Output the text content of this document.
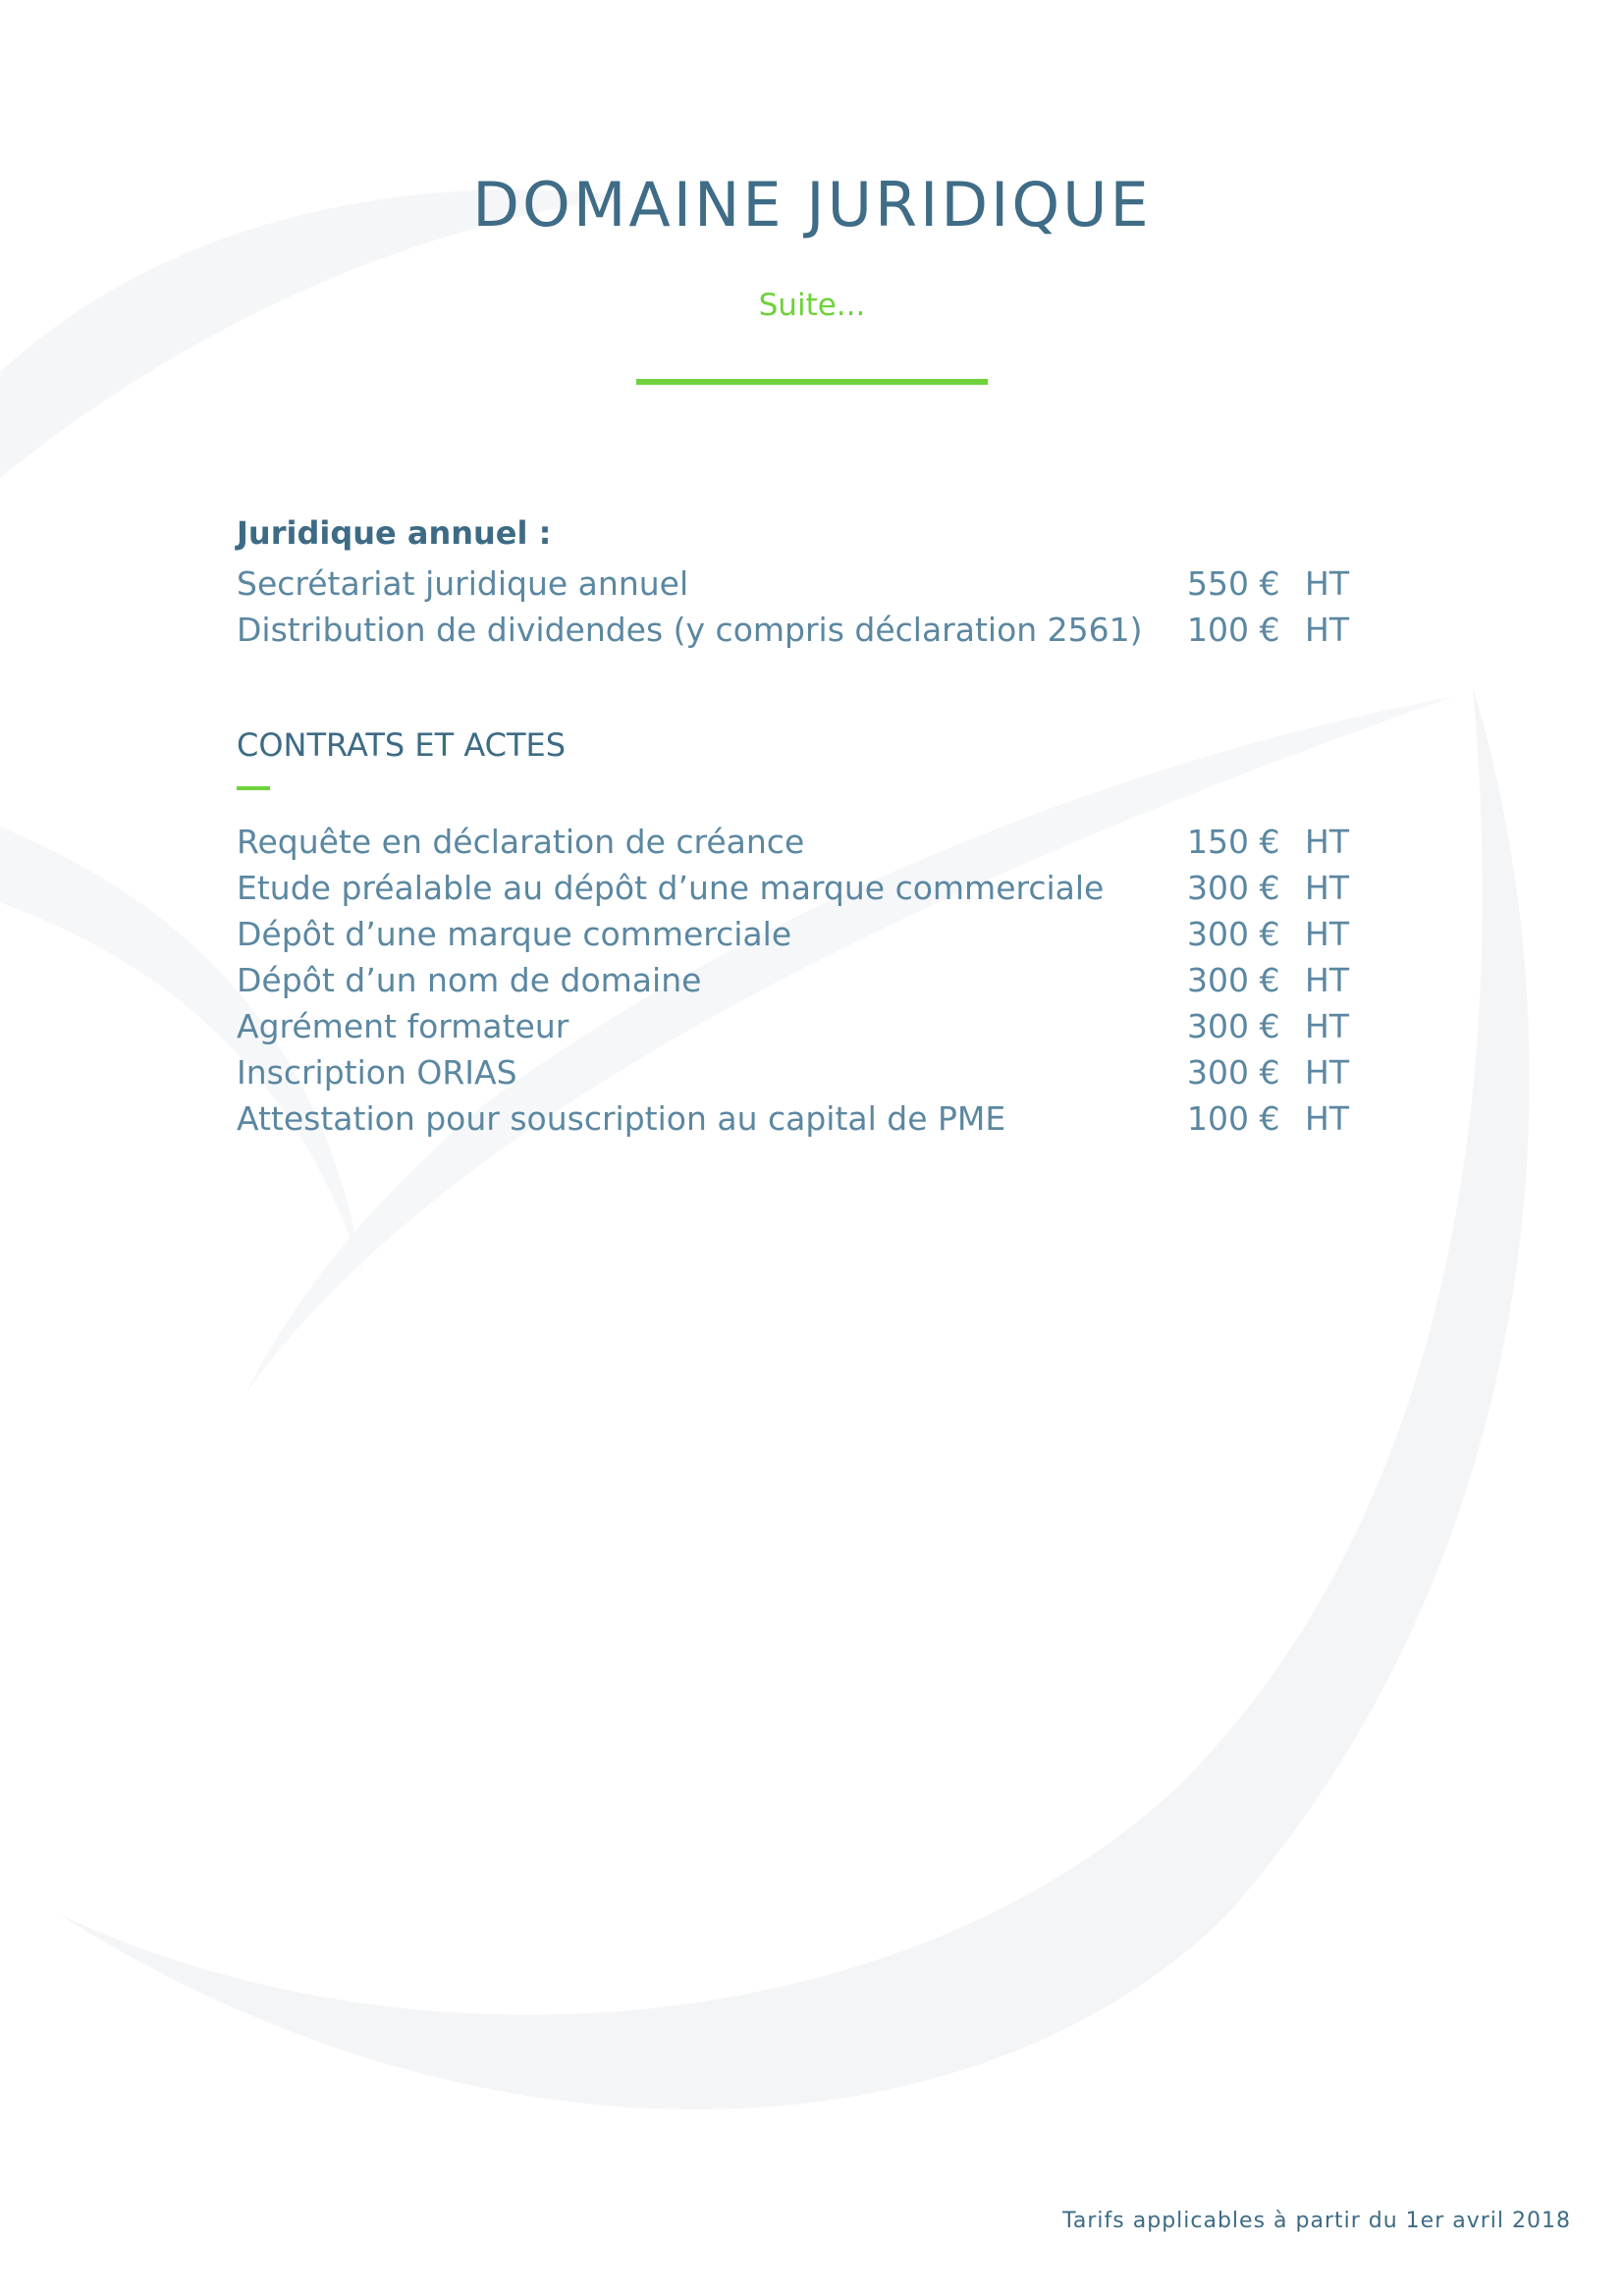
DOMAINE JURIDIQUE
Suite...
Juridique annuel :
Secrétariat juridique annuel	550 € HT
Distribution de dividendes (y compris déclaration 2561) 100 € HT
CONTRATS ET ACTES
Requête en déclaration de créance	150 € HT
Etude préalable au dépôt d’une marque commerciale	300 € HT
Dépôt d’une marque commerciale	300 € HT
Dépôt d’un nom de domaine	300 € HT
Agrément formateur	300 € HT
Inscription ORIAS	300 € HT
Attestation pour souscription au capital de PME	100 € HT
Tarifs applicables à partir du 1er avril 2018
